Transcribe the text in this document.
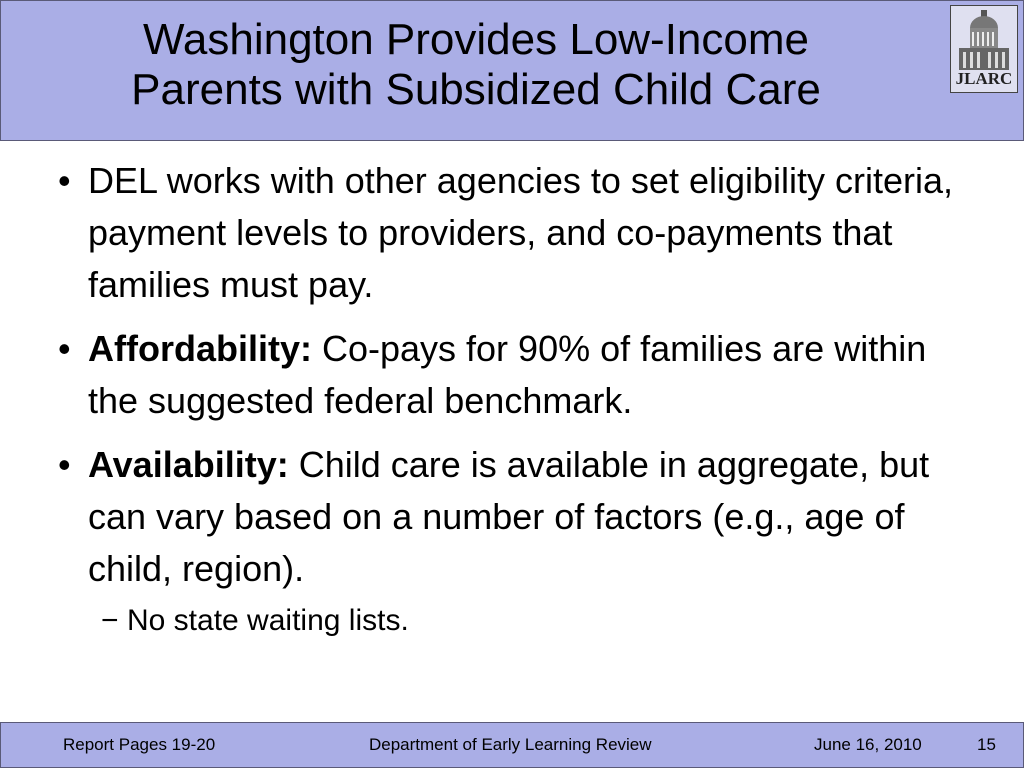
Washington Provides Low-Income
Parents with Subsidized Child Care	JLARC
• DEL works with other agencies to set eligibility criteria, payment levels to providers, and co-payments that families must pay.
• Affordability: Co-pays for 90% of families are within the suggested federal benchmark.
• Availability: Child care is available in aggregate, but can vary based on a number of factors (e.g., age of child, region).
− No state waiting lists.
Report Pages 19-20	Department of Early Learning Review	June 16, 2010	15
